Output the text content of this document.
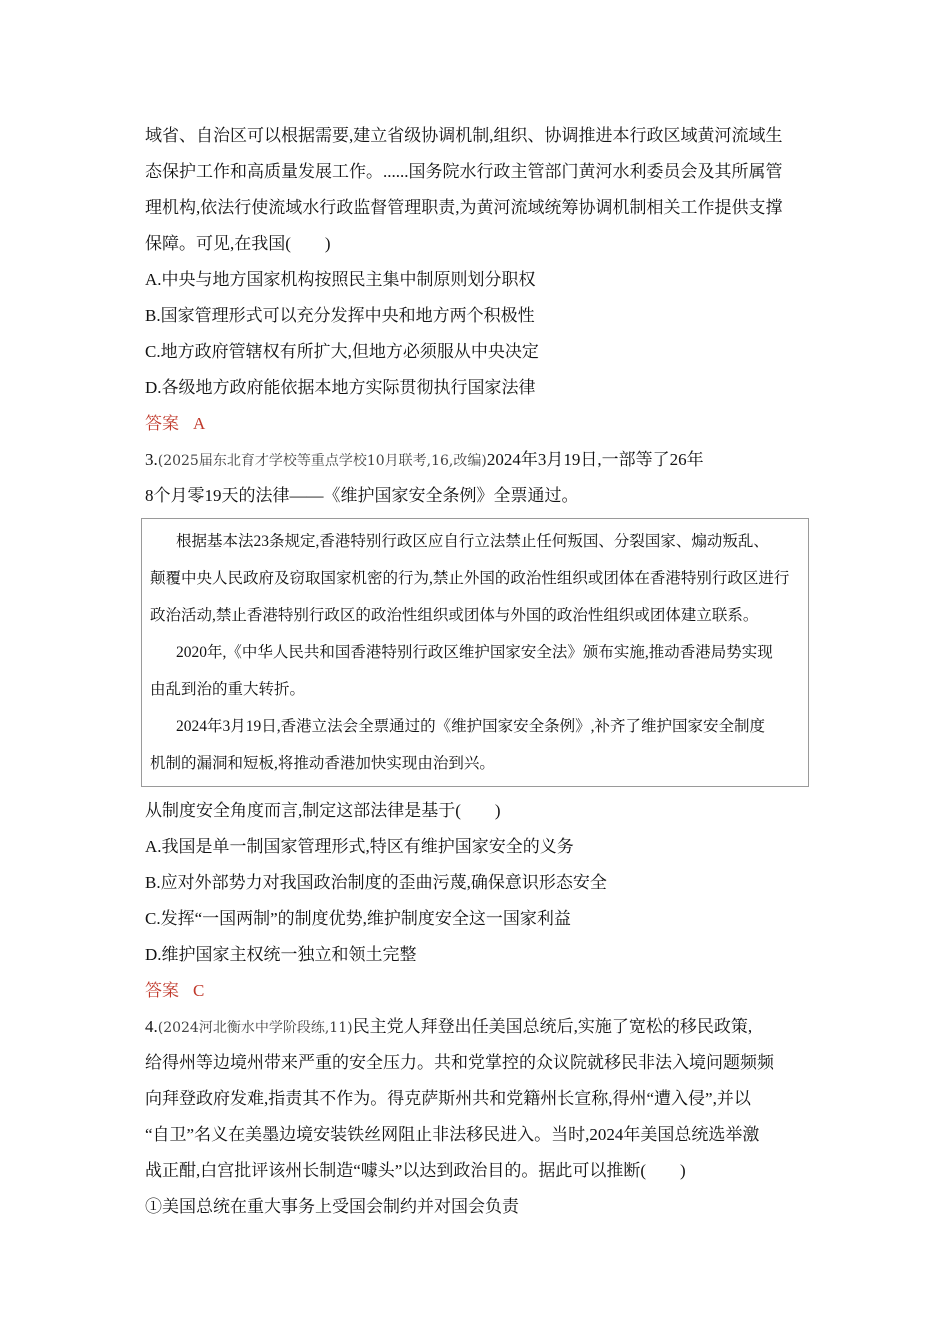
域省、自治区可以根据需要,建立省级协调机制,组织、协调推进本行政区域黄河流域生
态保护工作和高质量发展工作。......国务院水行政主管部门黄河水利委员会及其所属管
理机构,依法行使流域水行政监督管理职责,为黄河流域统筹协调机制相关工作提供支撑
保障。可见,在我国(　　)
A.中央与地方国家机构按照民主集中制原则划分职权
B.国家管理形式可以充分发挥中央和地方两个积极性
C.地方政府管辖权有所扩大,但地方必须服从中央决定
D.各级地方政府能依据本地方实际贯彻执行国家法律
答案 A
3.(2025届东北育才学校等重点学校10月联考,16,改编)2024年3月19日,一部等了26年
8个月零19天的法律——《维护国家安全条例》全票通过。
根据基本法23条规定,香港特别行政区应自行立法禁止任何叛国、分裂国家、煽动叛乱、
颠覆中央人民政府及窃取国家机密的行为,禁止外国的政治性组织或团体在香港特别行政区进行
政治活动,禁止香港特别行政区的政治性组织或团体与外国的政治性组织或团体建立联系。
2020年,《中华人民共和国香港特别行政区维护国家安全法》颁布实施,推动香港局势实现
由乱到治的重大转折。
2024年3月19日,香港立法会全票通过的《维护国家安全条例》,补齐了维护国家安全制度
机制的漏洞和短板,将推动香港加快实现由治到兴。
从制度安全角度而言,制定这部法律是基于(　　)
A.我国是单一制国家管理形式,特区有维护国家安全的义务
B.应对外部势力对我国政治制度的歪曲污蔑,确保意识形态安全
C.发挥“一国两制”的制度优势,维护制度安全这一国家利益
D.维护国家主权统一独立和领土完整
答案 C
4.(2024河北衡水中学阶段练,11)民主党人拜登出任美国总统后,实施了宽松的移民政策,
给得州等边境州带来严重的安全压力。共和党掌控的众议院就移民非法入境问题频频
向拜登政府发难,指责其不作为。得克萨斯州共和党籍州长宣称,得州“遭入侵”,并以
“自卫”名义在美墨边境安装铁丝网阻止非法移民进入。当时,2024年美国总统选举激
战正酣,白宫批评该州长制造“噱头”以达到政治目的。据此可以推断(　　)
①美国总统在重大事务上受国会制约并对国会负责
